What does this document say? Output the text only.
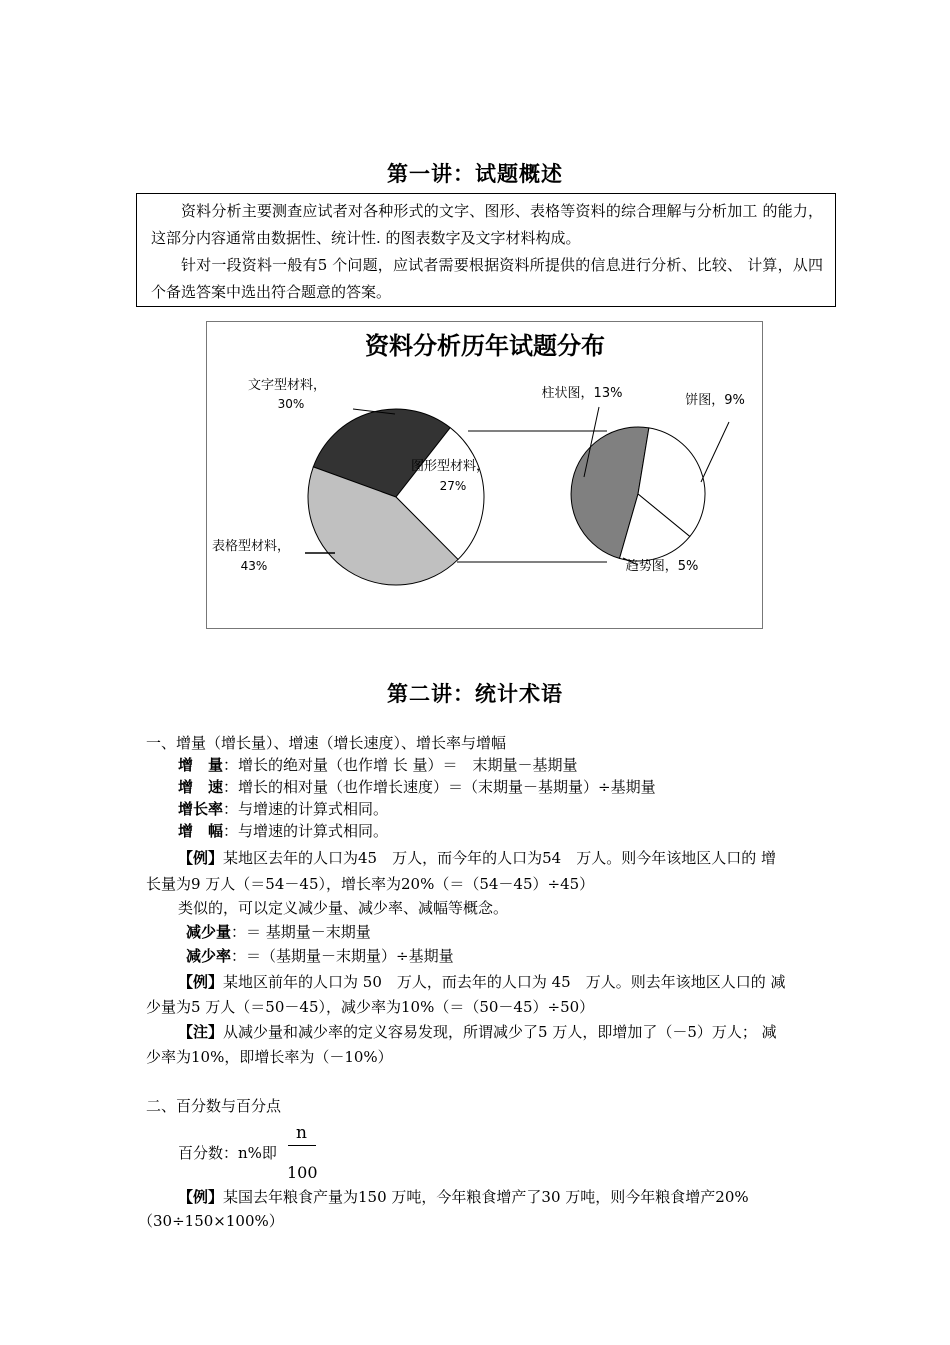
第一讲：试题概述

资料分析主要测查应试者对各种形式的文字、图形、表格等资料的综合理解与分析加工 的能力，这部分内容通常由数据性、统计性. 的图表数字及文字材料构成。

针对一段资料一般有5 个问题，应试者需要根据资料所提供的信息进行分析、比较、 计算，从四个备选答案中选出符合题意的答案。

资料分析历年试题分布
文字型材料，
30%
图形型材料，
27%
表格型材料，
43%
柱状图，13%	饼图，9%
趋势图，5%
第二讲：统计术语
一、增量（增长量）、增速（增长速度）、增长率与增幅
增　量：增长的绝对量（也作增 长 量）＝　末期量－基期量
增　速：增长的相对量（也作增长速度）＝（末期量－基期量）÷基期量
增长率：与增速的计算式相同。
增　幅：与增速的计算式相同。
【例】某地区去年的人口为45　万人，而今年的人口为54　万人。则今年该地区人口的 增
长量为9 万人（＝54－45），增长率为20%（＝（54－45）÷45）
类似的，可以定义减少量、减少率、减幅等概念。
减少量：＝ 基期量－末期量
减少率：＝（基期量－末期量）÷基期量
【例】某地区前年的人口为 50　万人，而去年的人口为 45　万人。则去年该地区人口的 减
少量为5 万人（＝50－45），减少率为10%（＝（50－45）÷50）
【注】从减少量和减少率的定义容易发现，所谓减少了5 万人，即增加了（－5）万人； 减
少率为10%，即增长率为（－10%）
二、百分数与百分点
百分数：n%即
n
100
【例】某国去年粮食产量为150 万吨，今年粮食增产了30 万吨，则今年粮食增产20%
（30÷150×100%）
